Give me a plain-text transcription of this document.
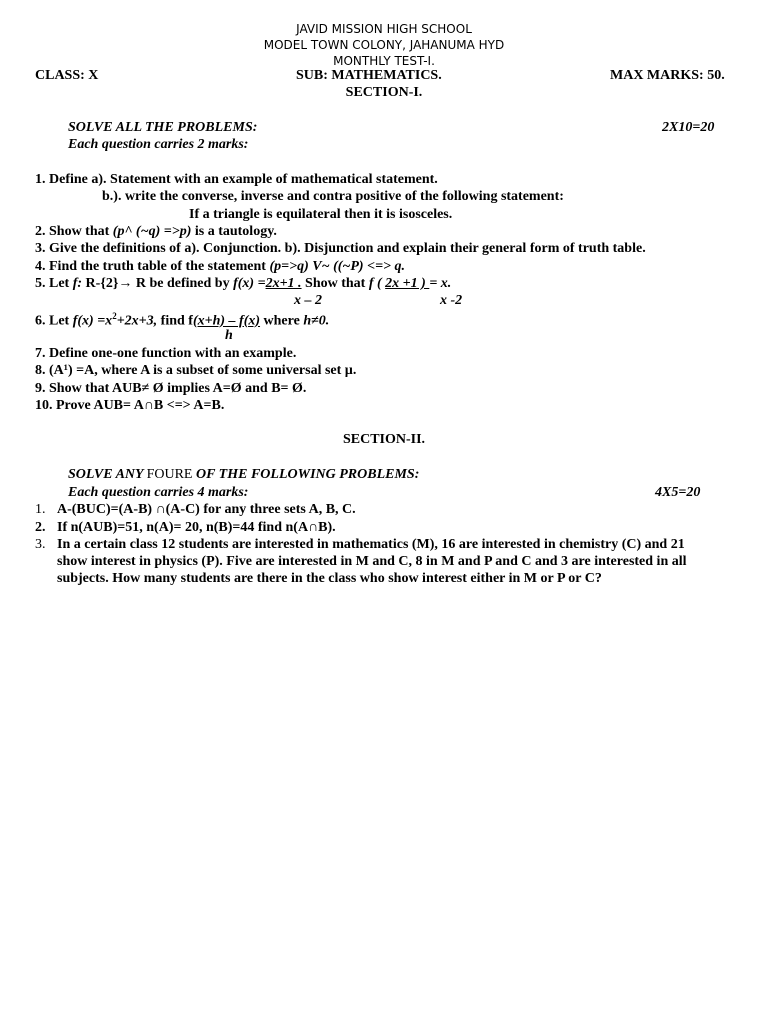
JAVID MISSION HIGH SCHOOL
MODEL TOWN COLONY, JAHANUMA HYD
MONTHLY TEST-I.
CLASS: X	SUB: MATHEMATICS.	MAX MARKS: 50.
SECTION-I.
SOLVE ALL THE PROBLEMS:	2X10=20
Each question carries 2 marks:
1. Define a). Statement with an example of mathematical statement.
b.). write the converse, inverse and contra positive of the following statement:
If a triangle is equilateral then it is isosceles.
2. Show that (p^ (~q) =>p) is a tautology.
3. Give the definitions of a). Conjunction. b). Disjunction and explain their general form of truth table.
4. Find the truth table of the statement (p=>q) V~ ((~P) <=> q.
5. Let f: R-{2}→ R be defined by f(x) =2x+1 . Show that f ( 2x +1 ) = x.
x – 2	x -2
6. Let $f(x) =x^2+2x+3$, find f(x+h) – f(x) where h≠0.
h
7. Define one-one function with an example.
8. (A¹) =A, where A is a subset of some universal set µ.
9. Show that AUB≠ Ø implies A=Ø and B= Ø.
10. Prove AUB= A∩B <=> A=B.
SECTION-II.
SOLVE ANY FOURE OF THE FOLLOWING PROBLEMS:
Each question carries 4 marks:	4X5=20
1. A-(BUC)=(A-B) ∩(A-C) for any three sets A, B, C.
2. If n(AUB)=51, n(A)= 20, n(B)=44 find n(A∩B).
3. In a certain class 12 students are interested in mathematics (M), 16 are interested in chemistry (C) and 21
show interest in physics (P). Five are interested in M and C, 8 in M and P and C and 3 are interested in all
subjects. How many students are there in the class who show interest either in M or P or C?
